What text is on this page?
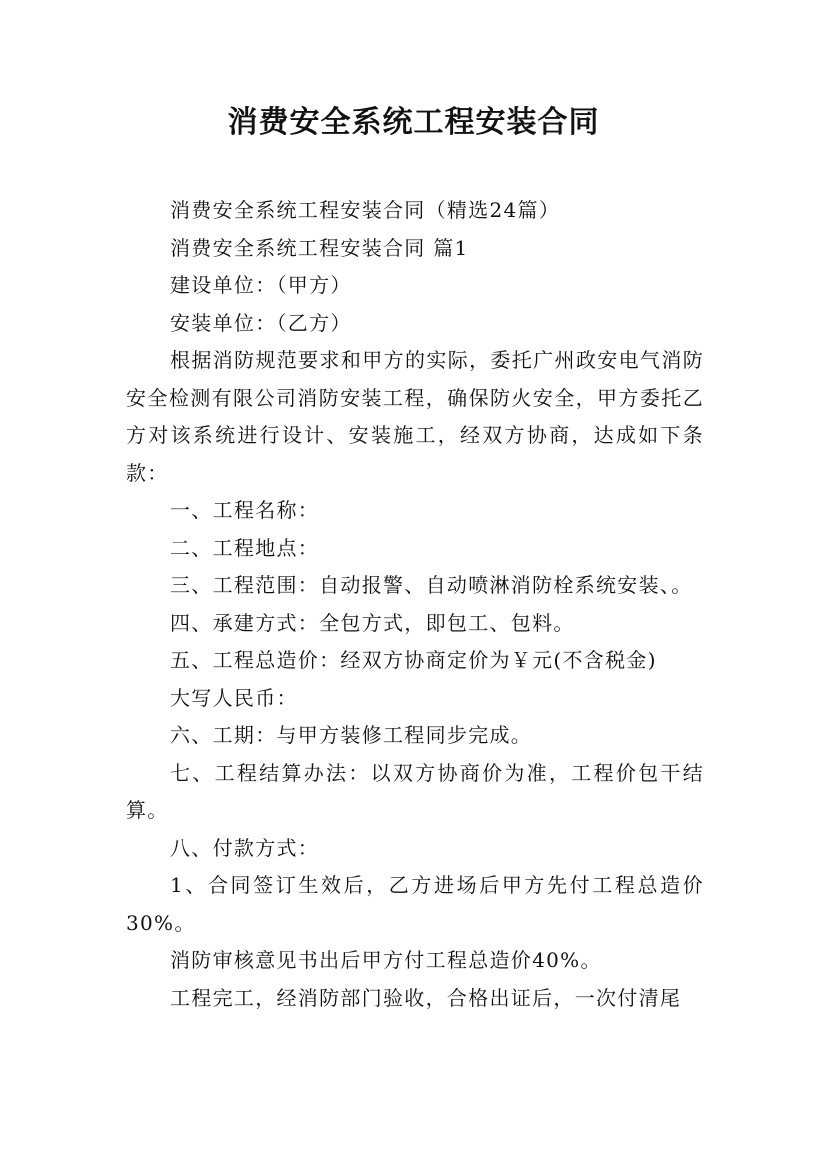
消费安全系统工程安装合同

消费安全系统工程安装合同（精选24篇）

消费安全系统工程安装合同 篇1

建设单位：（甲方）

安装单位：（乙方）

根据消防规范要求和甲方的实际，委托广州政安电气消防安全检测有限公司消防安装工程，确保防火安全，甲方委托乙方对该系统进行设计、安装施工，经双方协商，达成如下条款：

一、工程名称：

二、工程地点：

三、工程范围：自动报警、自动喷淋消防栓系统安装、。

四、承建方式：全包方式，即包工、包料。

五、工程总造价：经双方协商定价为￥元(不含税金)

大写人民币：

六、工期：与甲方装修工程同步完成。

七、工程结算办法：以双方协商价为准，工程价包干结算。

八、付款方式：

1、合同签订生效后，乙方进场后甲方先付工程总造价30%。

消防审核意见书出后甲方付工程总造价40%。

工程完工，经消防部门验收，合格出证后，一次付清尾
